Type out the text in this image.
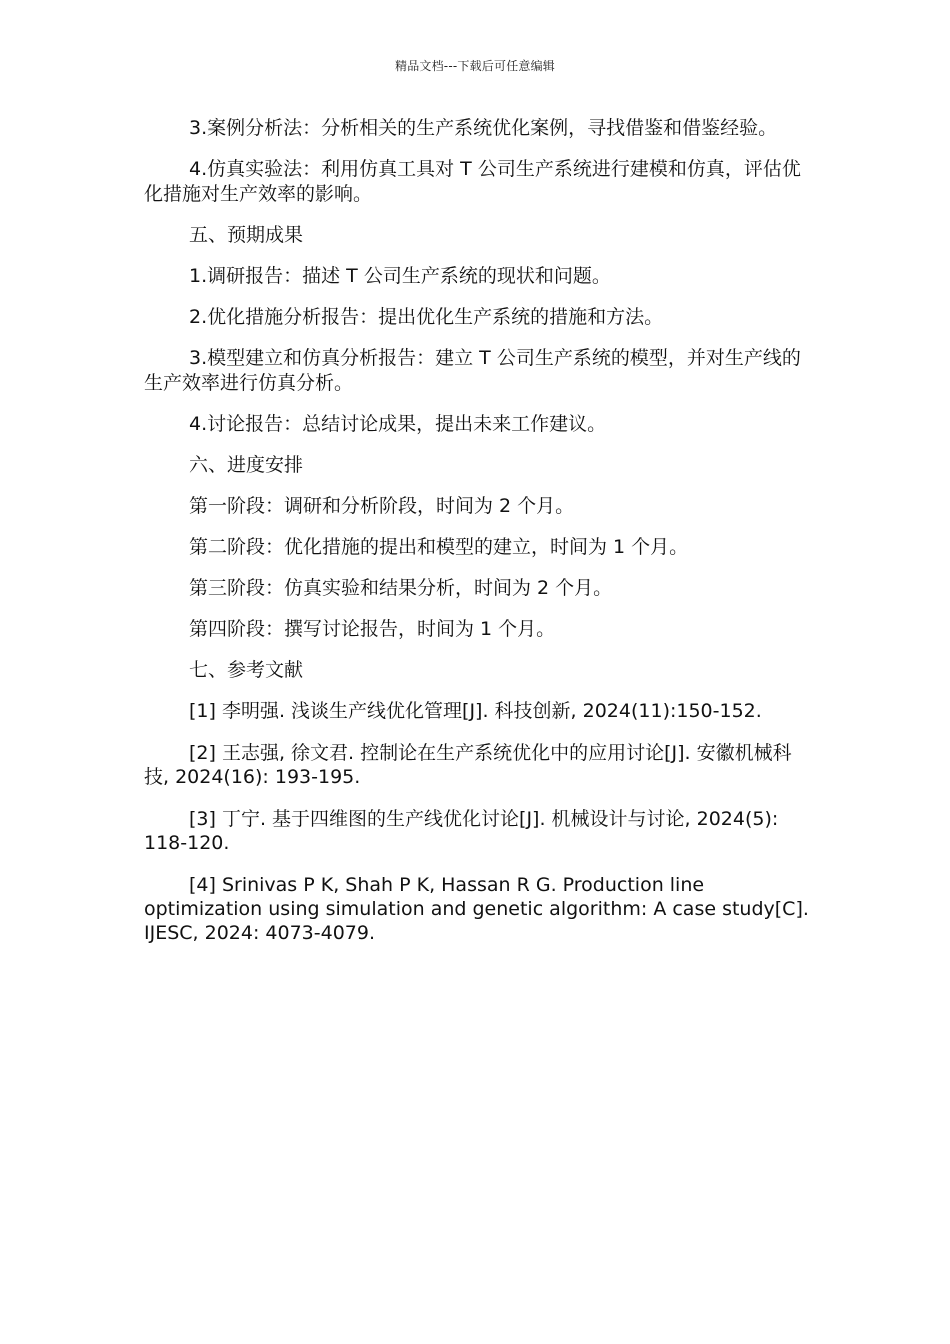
精品文档---下载后可任意编辑

3.案例分析法：分析相关的生产系统优化案例，寻找借鉴和借鉴经验。

4.仿真实验法：利用仿真工具对 T 公司生产系统进行建模和仿真，评估优化措施对生产效率的影响。

五、预期成果

1.调研报告：描述 T 公司生产系统的现状和问题。

2.优化措施分析报告：提出优化生产系统的措施和方法。

3.模型建立和仿真分析报告：建立 T 公司生产系统的模型，并对生产线的生产效率进行仿真分析。

4.讨论报告：总结讨论成果，提出未来工作建议。

六、进度安排

第一阶段：调研和分析阶段，时间为 2 个月。

第二阶段：优化措施的提出和模型的建立，时间为 1 个月。

第三阶段：仿真实验和结果分析，时间为 2 个月。

第四阶段：撰写讨论报告，时间为 1 个月。

七、参考文献

[1] 李明强. 浅谈生产线优化管理[J]. 科技创新, 2024(11):150-152.

[2] 王志强, 徐文君. 控制论在生产系统优化中的应用讨论[J]. 安徽机械科技, 2024(16): 193-195.

[3] 丁宁. 基于四维图的生产线优化讨论[J]. 机械设计与讨论, 2024(5): 118-120.

[4] Srinivas P K, Shah P K, Hassan R G. Production line optimization using simulation and genetic algorithm: A case study[C]. IJESC, 2024: 4073-4079.
